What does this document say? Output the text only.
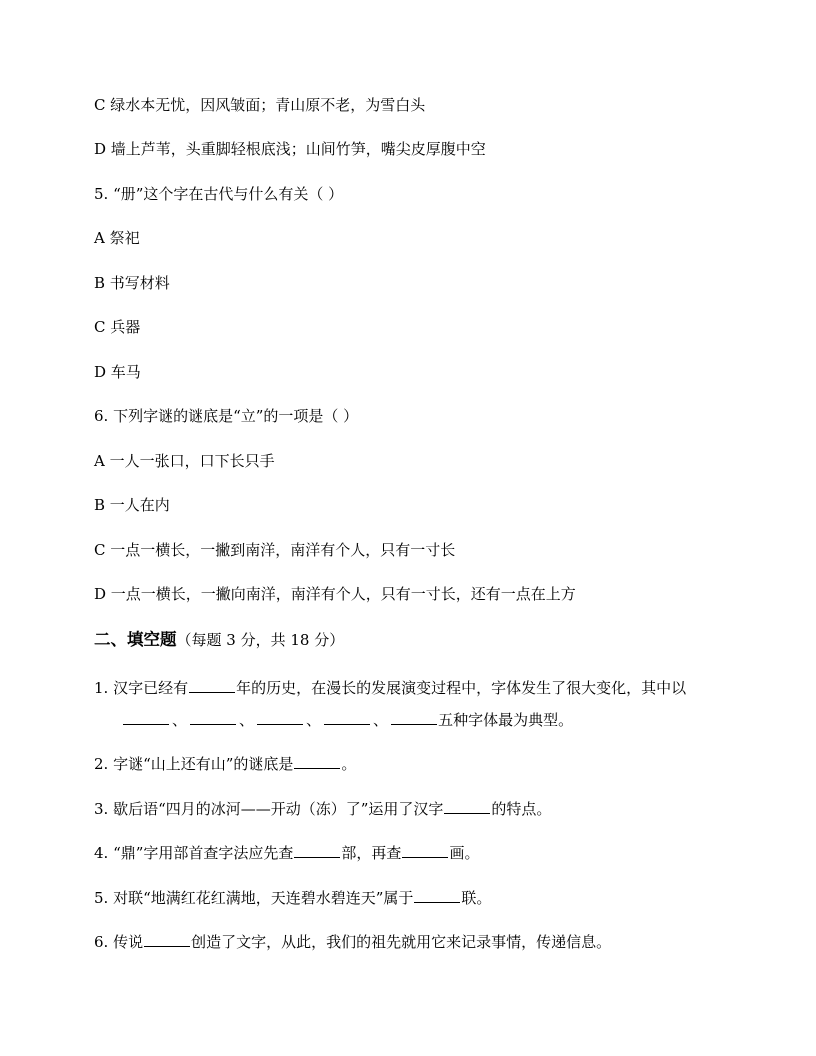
C 绿水本无忧，因风皱面；青山原不老，为雪白头
D 墙上芦苇，头重脚轻根底浅；山间竹笋，嘴尖皮厚腹中空
5. “册”这个字在古代与什么有关（ ）
A 祭祀
B 书写材料
C 兵器
D 车马
6. 下列字谜的谜底是“立”的一项是（ ）
A 一人一张口，口下长只手
B 一人在内
C 一点一横长，一撇到南洋，南洋有个人，只有一寸长
D 一点一横长，一撇向南洋，南洋有个人，只有一寸长，还有一点在上方
二、填空题（每题 3 分，共 18 分）
1. 汉字已经有	年的历史，在漫长的发展演变过程中，字体发生了很大变化，其中以
、	、	、	、	五种字体最为典型。
2. 字谜“山上还有山”的谜底是	。
3. 歇后语“四月的冰河——开动（冻）了”运用了汉字	的特点。
4. “鼎”字用部首查字法应先查	部，再查	画。
5. 对联“地满红花红满地，天连碧水碧连天”属于	联。
6. 传说	创造了文字，从此，我们的祖先就用它来记录事情，传递信息。
